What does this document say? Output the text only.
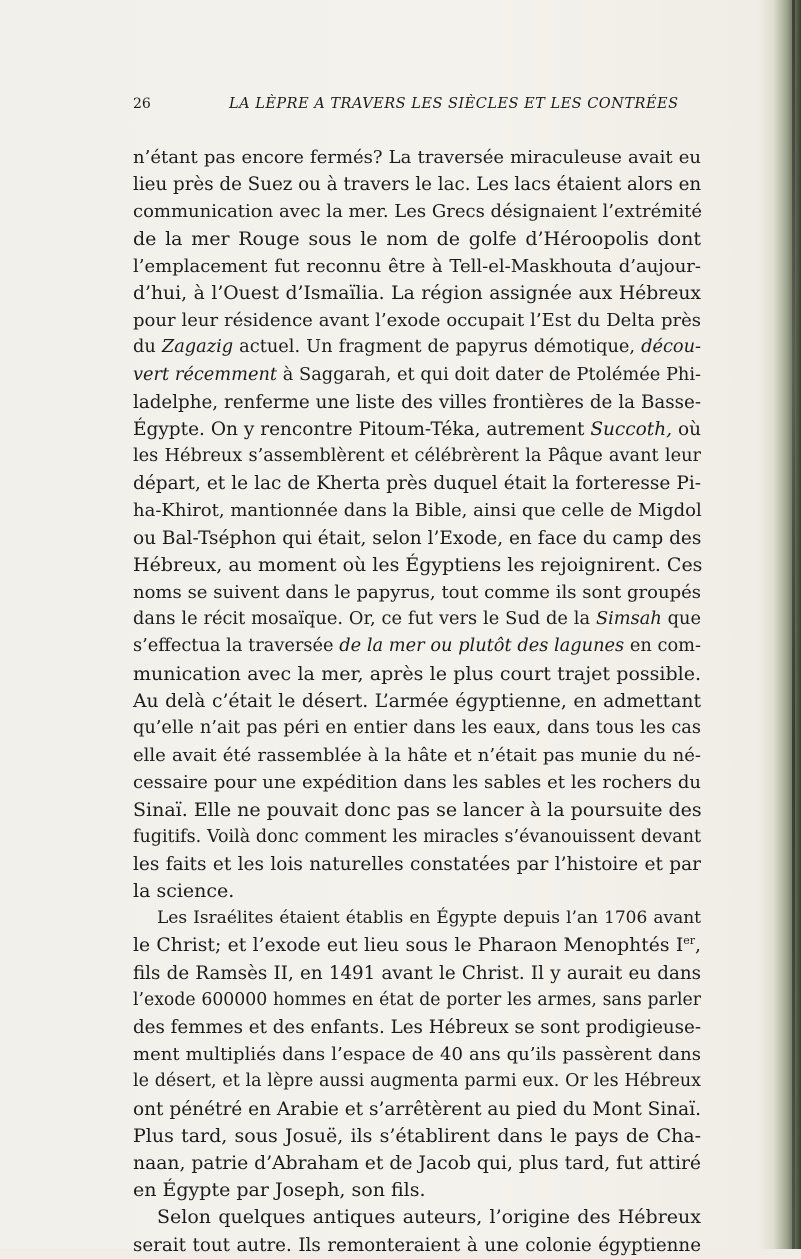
26	LA LÈPRE A TRAVERS LES SIÈCLES ET LES CONTRÉES
n’étant pas encore fermés? La traversée miraculeuse avait eu
lieu près de Suez ou à travers le lac. Les lacs étaient alors en
communication avec la mer. Les Grecs désignaient l’extrémité
de la mer Rouge sous le nom de golfe d’Héroopolis dont
l’emplacement fut reconnu être à Tell-el-Maskhouta d’aujour-
d’hui, à l’Ouest d’Ismaïlia. La région assignée aux Hébreux
pour leur résidence avant l’exode occupait l’Est du Delta près
du Zagazig actuel. Un fragment de papyrus démotique, décou-
vert récemment à Saggarah, et qui doit dater de Ptolémée Phi-
ladelphe, renferme une liste des villes frontières de la Basse-
Égypte. On y rencontre Pitoum-Téka, autrement Succoth, où
les Hébreux s’assemblèrent et célébrèrent la Pâque avant leur
départ, et le lac de Kherta près duquel était la forteresse Pi-
ha-Khirot, mantionnée dans la Bible, ainsi que celle de Migdol
ou Bal-Tséphon qui était, selon l’Exode, en face du camp des
Hébreux, au moment où les Égyptiens les rejoignirent. Ces
noms se suivent dans le papyrus, tout comme ils sont groupés
dans le récit mosaïque. Or, ce fut vers le Sud de la Simsah que
s’effectua la traversée de la mer ou plutôt des lagunes en com-
munication avec la mer, après le plus court trajet possible.
Au delà c’était le désert. L’armée égyptienne, en admettant
qu’elle n’ait pas péri en entier dans les eaux, dans tous les cas
elle avait été rassemblée à la hâte et n’était pas munie du né-
cessaire pour une expédition dans les sables et les rochers du
Sinaï. Elle ne pouvait donc pas se lancer à la poursuite des
fugitifs. Voilà donc comment les miracles s’évanouissent devant
les faits et les lois naturelles constatées par l’histoire et par
la science.
Les Israélites étaient établis en Égypte depuis l’an 1706 avant
le Christ; et l’exode eut lieu sous le Pharaon Menophtés Ier,
fils de Ramsès II, en 1491 avant le Christ. Il y aurait eu dans
l’exode 600000 hommes en état de porter les armes, sans parler
des femmes et des enfants. Les Hébreux se sont prodigieuse-
ment multipliés dans l’espace de 40 ans qu’ils passèrent dans
le désert, et la lèpre aussi augmenta parmi eux. Or les Hébreux
ont pénétré en Arabie et s’arrêtèrent au pied du Mont Sinaï.
Plus tard, sous Josuë, ils s’établirent dans le pays de Cha-
naan, patrie d’Abraham et de Jacob qui, plus tard, fut attiré
en Égypte par Joseph, son fils.
Selon quelques antiques auteurs, l’origine des Hébreux
serait tout autre. Ils remonteraient à une colonie égyptienne
